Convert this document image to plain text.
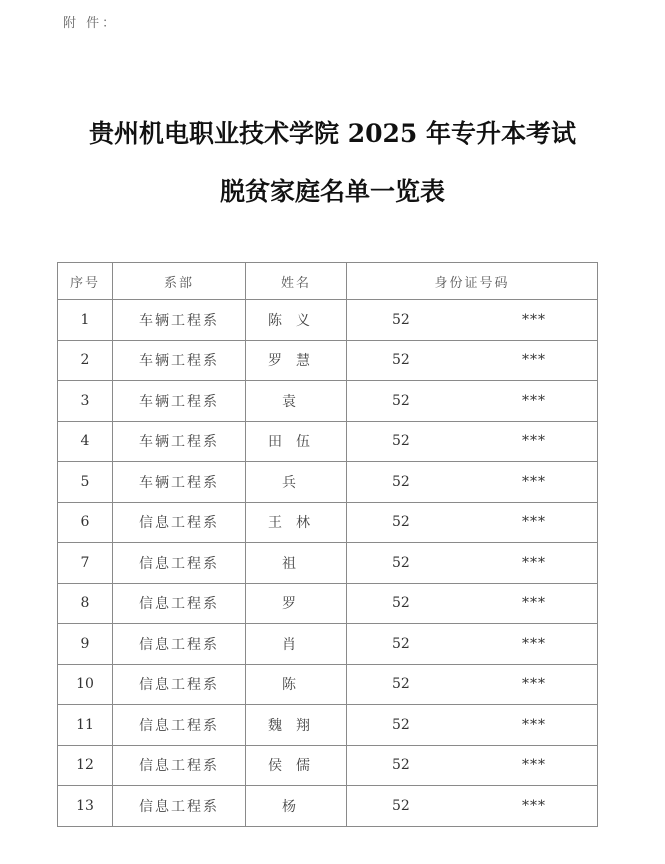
附 件：
贵州机电职业技术学院 2025 年专升本考试
脱贫家庭名单一览表
序号	系部	姓名	身份证号码
1	车辆工程系	陈义	52 ***

2	车辆工程系	罗慧	52 ***

3	车辆工程系	袁	52 ***

4	车辆工程系	田伍	52 ***

5	车辆工程系	兵	52 ***

6	信息工程系	王林	52 ***

7	信息工程系	祖	52 ***

8	信息工程系	罗	52 ***

9	信息工程系	肖	52 ***

10	信息工程系	陈	52 ***

11	信息工程系	魏翔	52 ***

12	信息工程系	侯儒	52 ***

13	信息工程系	杨	52 ***
